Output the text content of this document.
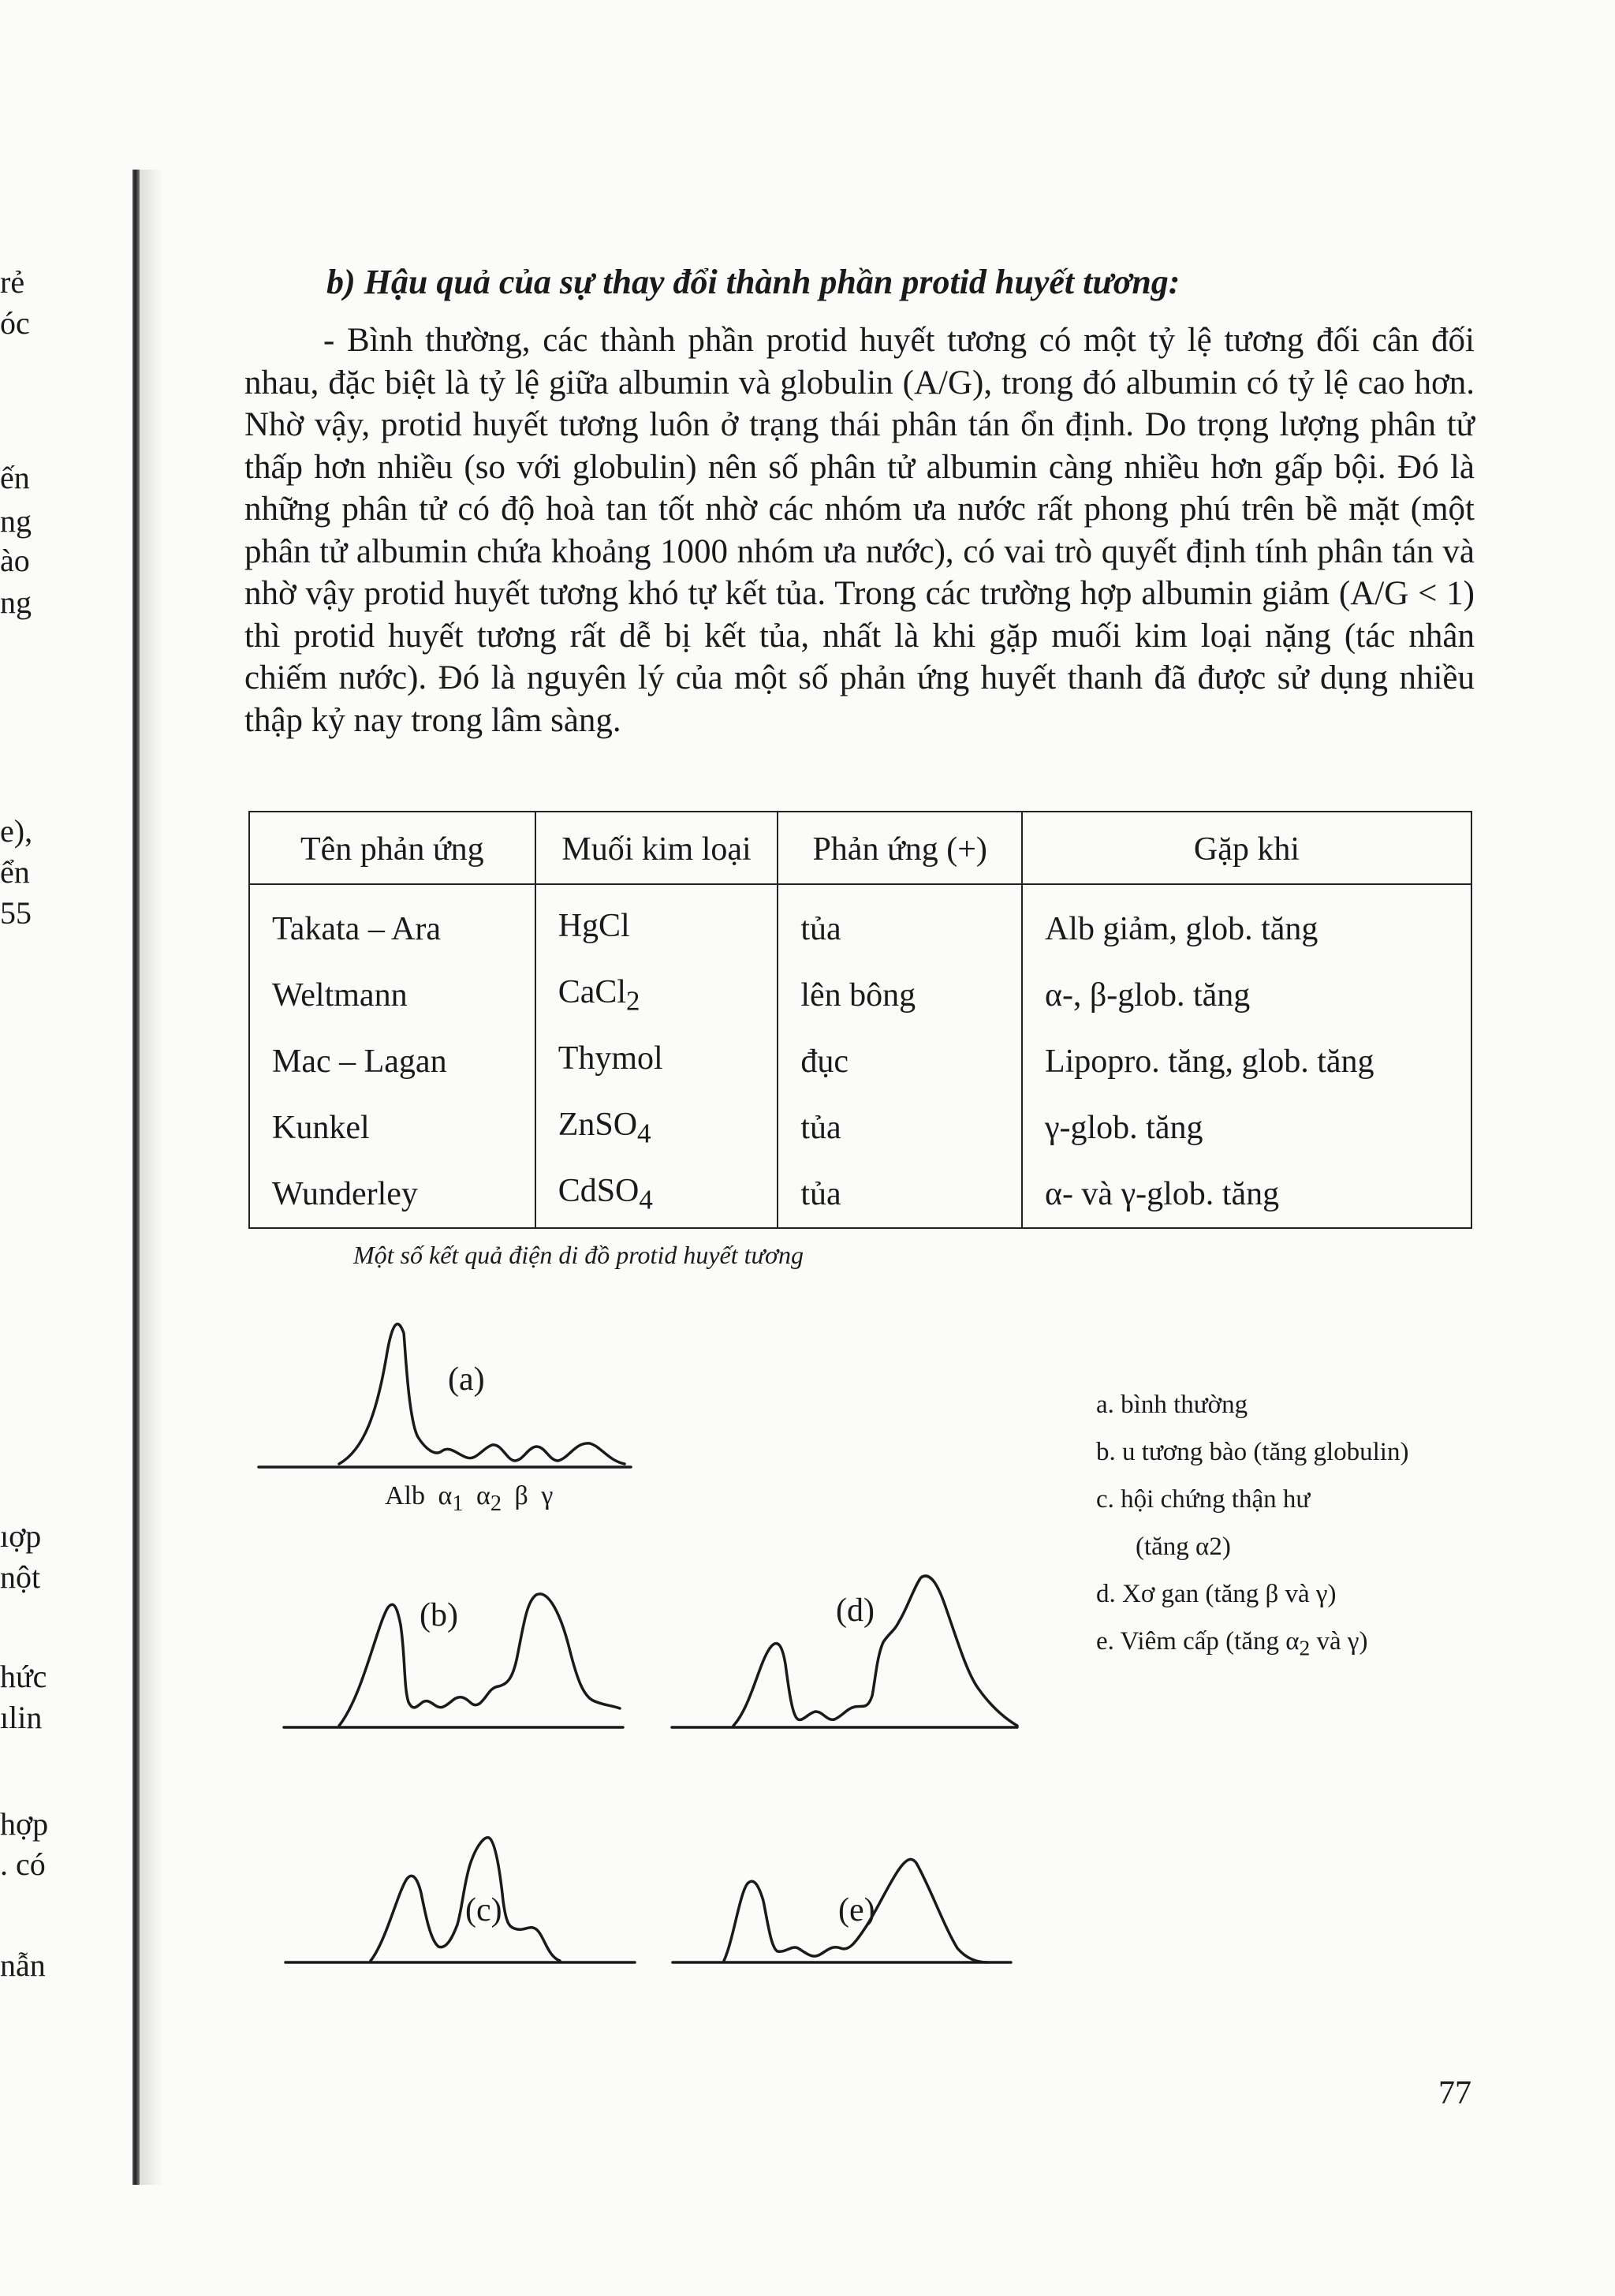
rẻ
óc
ến
ng
ào
ng
e),
ển
55
ıợp
nột
hức
ılin
hợp
. có
nẫn
b) Hậu quả của sự thay đổi thành phần protid huyết tương:

- Bình thường, các thành phần protid huyết tương có một tỷ lệ tương đối cân đối nhau, đặc biệt là tỷ lệ giữa albumin và globulin (A/G), trong đó albumin có tỷ lệ cao hơn. Nhờ vậy, protid huyết tương luôn ở trạng thái phân tán ổn định. Do trọng lượng phân tử thấp hơn nhiều (so với globulin) nên số phân tử albumin càng nhiều hơn gấp bội. Đó là những phân tử có độ hoà tan tốt nhờ các nhóm ưa nước rất phong phú trên bề mặt (một phân tử albumin chứa khoảng 1000 nhóm ưa nước), có vai trò quyết định tính phân tán và nhờ vậy protid huyết tương khó tự kết tủa. Trong các trường hợp albumin giảm (A/G < 1) thì protid huyết tương rất dễ bị kết tủa, nhất là khi gặp muối kim loại nặng (tác nhân chiếm nước). Đó là nguyên lý của một số phản ứng huyết thanh đã được sử dụng nhiều thập kỷ nay trong lâm sàng.

Tên phản ứng	Muối kim loại	Phản ứng (+)	Gặp khi
Takata – Ara	HgCl	tủa	Alb giảm, glob. tăng
Weltmann	CaCl$_2$	lên bông	α-, β-glob. tăng
Mac – Lagan	Thymol	đục	Lipopro. tăng, glob. tăng
Kunkel	ZnSO$_4$	tủa	γ-glob. tăng
Wunderley	CdSO$_4$	tủa	α- và γ-glob. tăng
Một số kết quả điện di đồ protid huyết tương
(a)
(b)
(c)
(d)
(e)
Alb $\alpha_1$ $\alpha_2$ β γ
a. bình thường
b. u tương bào (tăng globulin)
c. hội chứng thận hư
(tăng α2)
d. Xơ gan (tăng β và γ)
e. Viêm cấp (tăng $\alpha_2$ và γ)
77
